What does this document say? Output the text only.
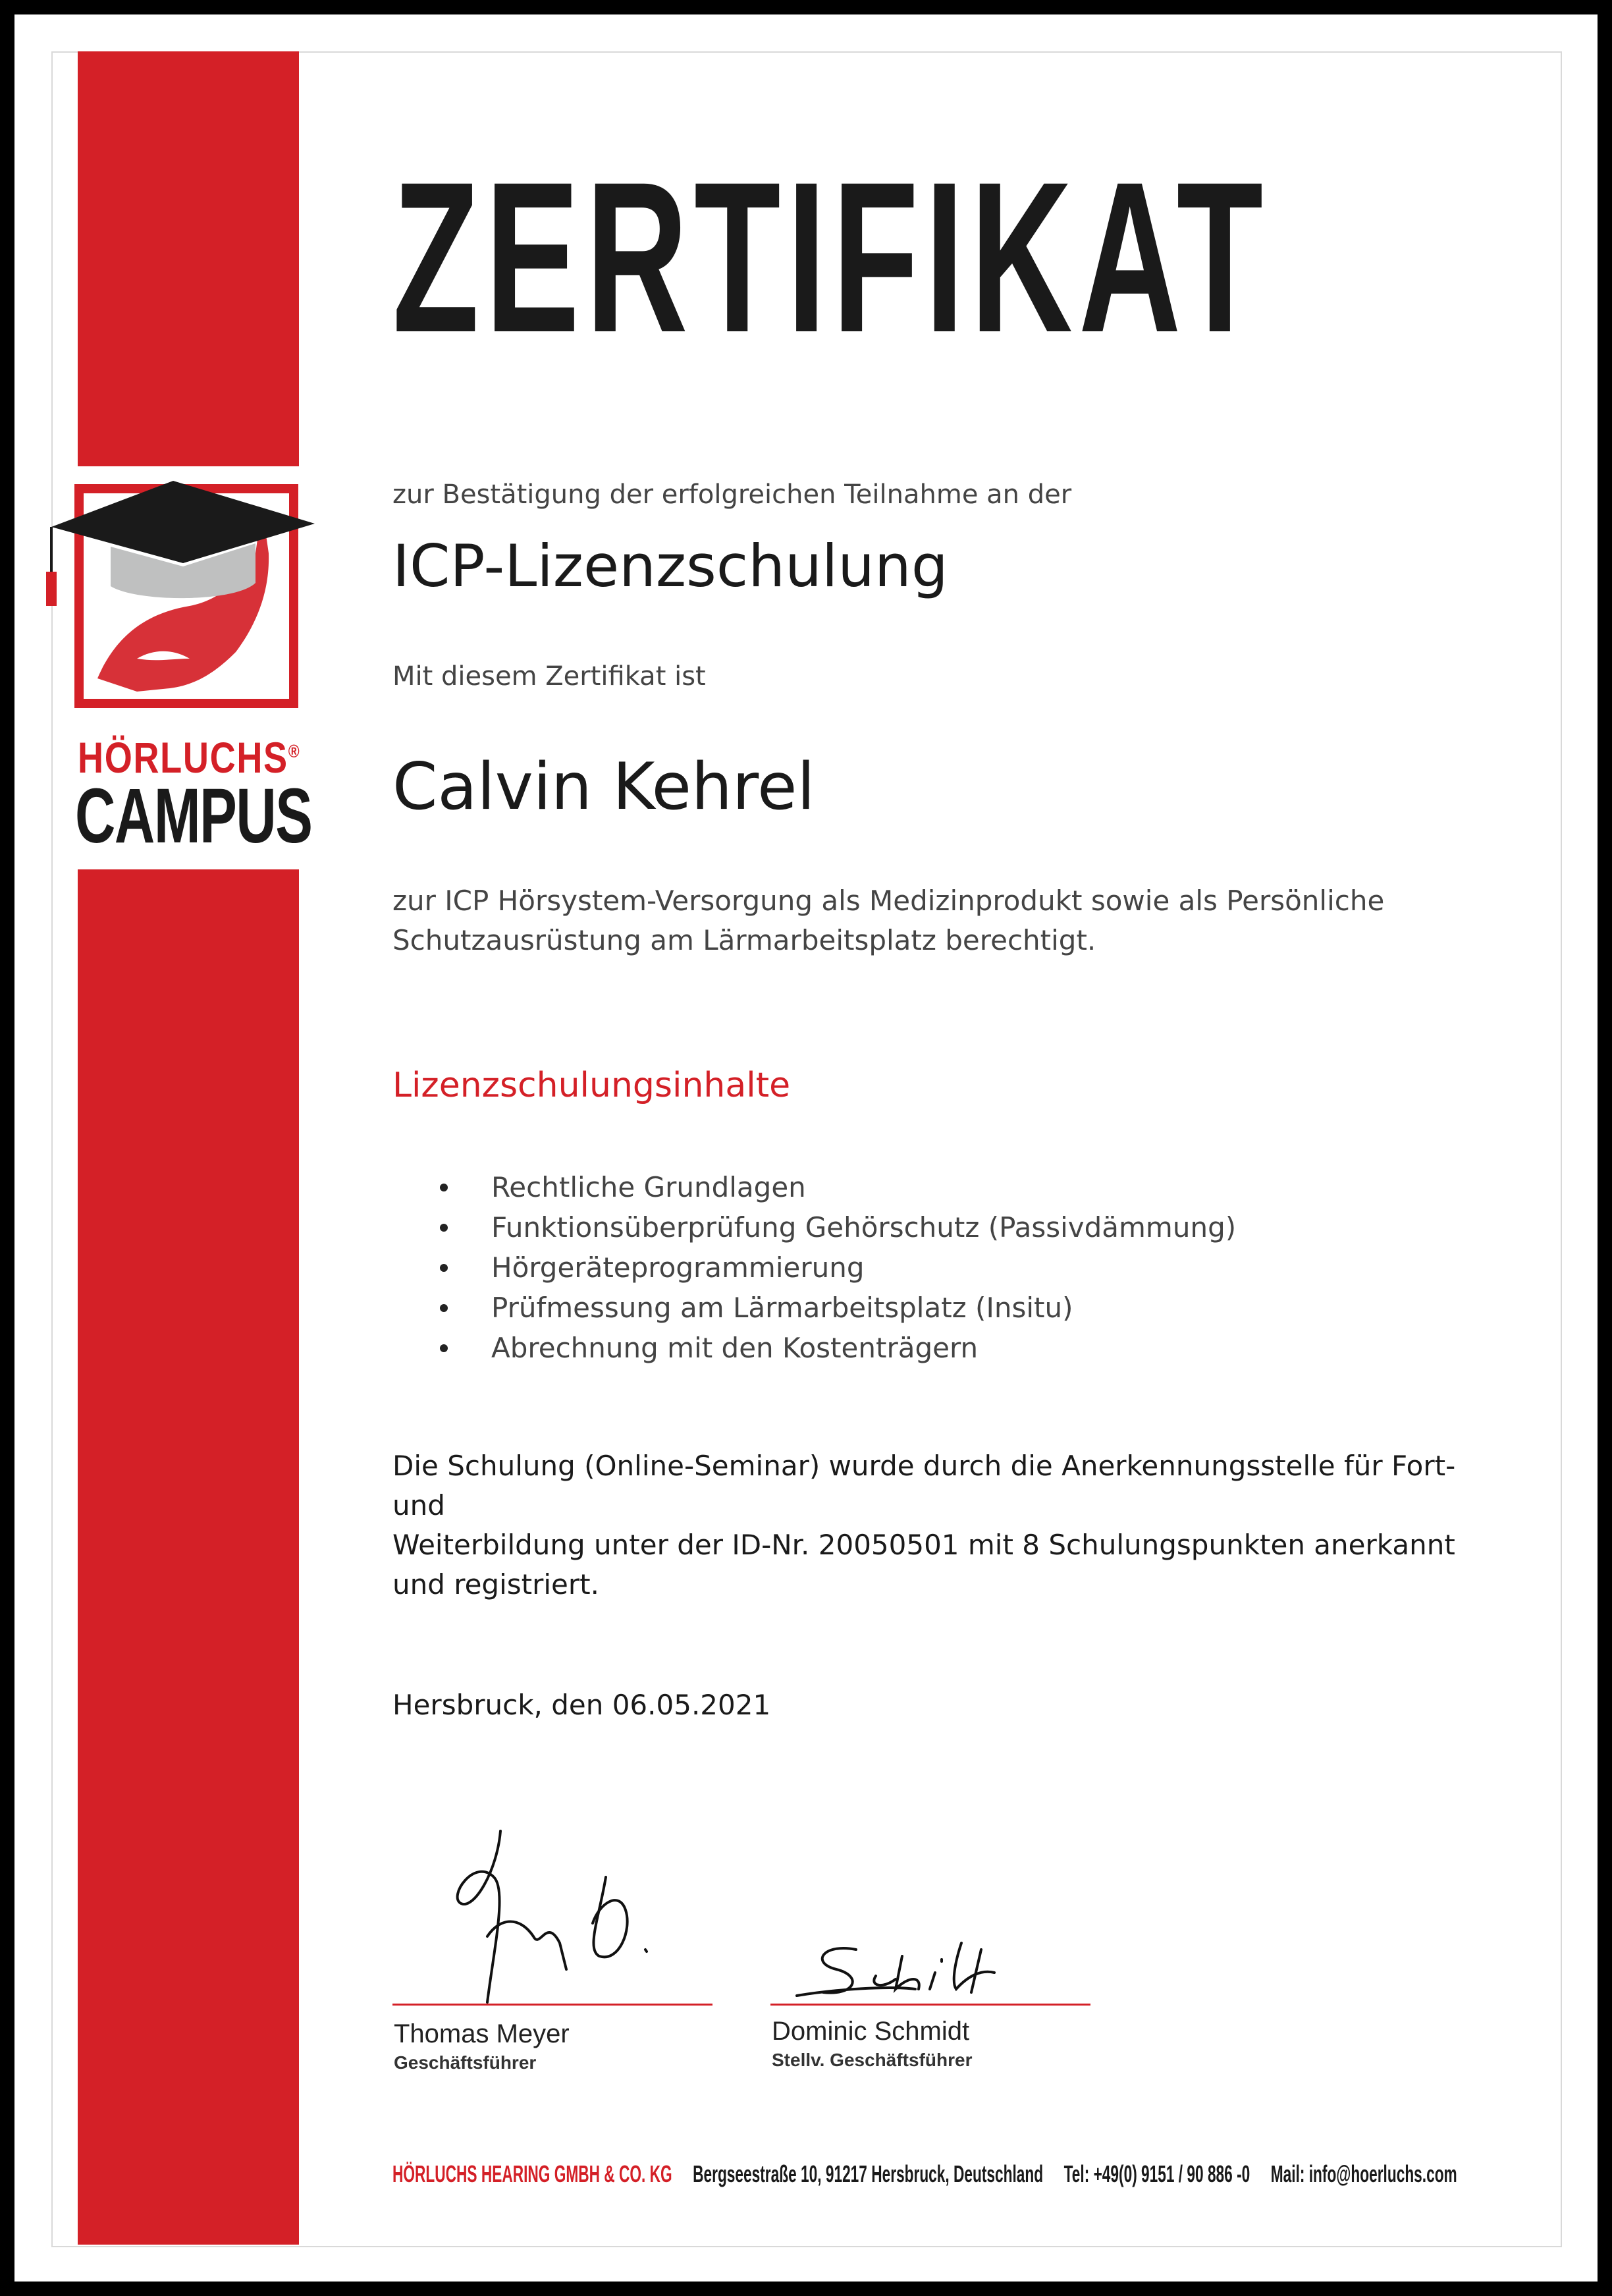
HÖRLUCHS®
CAMPUS
ZERTIFIKAT
zur Bestätigung der erfolgreichen Teilnahme an der
ICP-Lizenzschulung
Mit diesem Zertifikat ist
Calvin Kehrel
zur ICP Hörsystem-Versorgung als Medizinprodukt sowie als Persönliche
Schutzausrüstung am Lärmarbeitsplatz berechtigt.
Lizenzschulungsinhalte
Rechtliche Grundlagen
Funktionsüberprüfung Gehörschutz (Passivdämmung)
Hörgeräteprogrammierung
Prüfmessung am Lärmarbeitsplatz (Insitu)
Abrechnung mit den Kostenträgern
Die Schulung (Online-Seminar) wurde durch die Anerkennungsstelle für Fort- und
Weiterbildung unter der ID-Nr. 20050501 mit 8 Schulungspunkten anerkannt
und registriert.
Hersbruck, den 06.05.2021
Thomas Meyer
Geschäftsführer
Dominic Schmidt
Stellv. Geschäftsführer
HÖRLUCHS HEARING GMBH & CO. KG Bergseestraße 10, 91217 Hersbruck, Deutschland Tel: +49(0) 9151 / 90 886 -0 Mail: info@hoerluchs.com
